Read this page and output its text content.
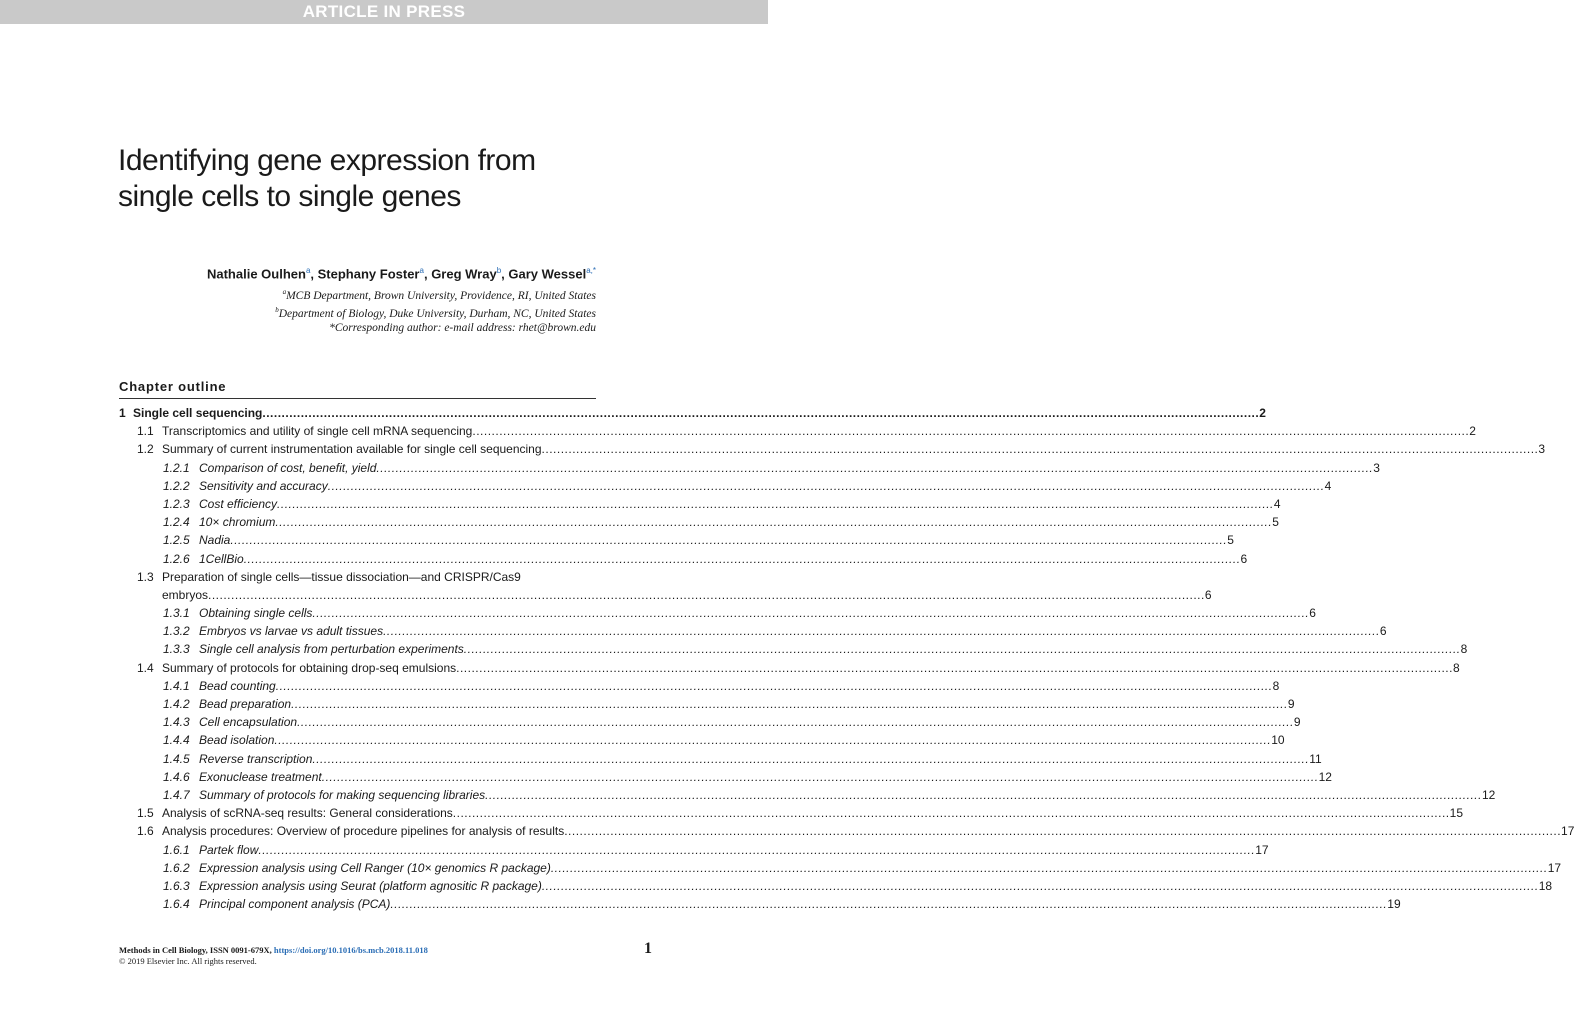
ARTICLE IN PRESS
Identifying gene expression from single cells to single genes
Nathalie Oulhen$^a$, Stephany Foster$^a$, Greg Wray$^b$, Gary Wessel$^{a,*}$
$^a$MCB Department, Brown University, Providence, RI, United States
$^b$Department of Biology, Duke University, Durham, NC, United States
*Corresponding author: e-mail address: rhet@brown.edu
Chapter outline
1 Single cell sequencing .................................................................................................................................................................................................................................................................... 2
1.1 Transcriptomics and utility of single cell mRNA sequencing .................................................................................................................................................................................................................................................................... 2
1.2 Summary of current instrumentation available for single cell sequencing .................................................................................................................................................................................................................................................................... 3
1.2.1 Comparison of cost, benefit, yield .................................................................................................................................................................................................................................................................... 3
1.2.2 Sensitivity and accuracy .................................................................................................................................................................................................................................................................... 4
1.2.3 Cost efficiency .................................................................................................................................................................................................................................................................... 4
1.2.4 10× chromium .................................................................................................................................................................................................................................................................... 5
1.2.5 Nadia .................................................................................................................................................................................................................................................................... 5
1.2.6 1CellBio .................................................................................................................................................................................................................................................................... 6
1.3 Preparation of single cells—tissue dissociation—and CRISPR/Cas9
embryos .................................................................................................................................................................................................................................................................... 6
1.3.1 Obtaining single cells .................................................................................................................................................................................................................................................................... 6
1.3.2 Embryos vs larvae vs adult tissues .................................................................................................................................................................................................................................................................... 6
1.3.3 Single cell analysis from perturbation experiments .................................................................................................................................................................................................................................................................... 8
1.4 Summary of protocols for obtaining drop-seq emulsions .................................................................................................................................................................................................................................................................... 8
1.4.1 Bead counting .................................................................................................................................................................................................................................................................... 8
1.4.2 Bead preparation .................................................................................................................................................................................................................................................................... 9
1.4.3 Cell encapsulation .................................................................................................................................................................................................................................................................... 9
1.4.4 Bead isolation .................................................................................................................................................................................................................................................................... 10
1.4.5 Reverse transcription .................................................................................................................................................................................................................................................................... 11
1.4.6 Exonuclease treatment .................................................................................................................................................................................................................................................................... 12
1.4.7 Summary of protocols for making sequencing libraries .................................................................................................................................................................................................................................................................... 12
1.5 Analysis of scRNA-seq results: General considerations .................................................................................................................................................................................................................................................................... 15
1.6 Analysis procedures: Overview of procedure pipelines for analysis of results .................................................................................................................................................................................................................................................................... 17
1.6.1 Partek flow .................................................................................................................................................................................................................................................................... 17
1.6.2 Expression analysis using Cell Ranger (10× genomics R package) .................................................................................................................................................................................................................................................................... 17
1.6.3 Expression analysis using Seurat (platform agnositic R package) .................................................................................................................................................................................................................................................................... 18
1.6.4 Principal component analysis (PCA) .................................................................................................................................................................................................................................................................... 19
Methods in Cell Biology, ISSN 0091-679X, https://doi.org/10.1016/bs.mcb.2018.11.018
© 2019 Elsevier Inc. All rights reserved.
1
